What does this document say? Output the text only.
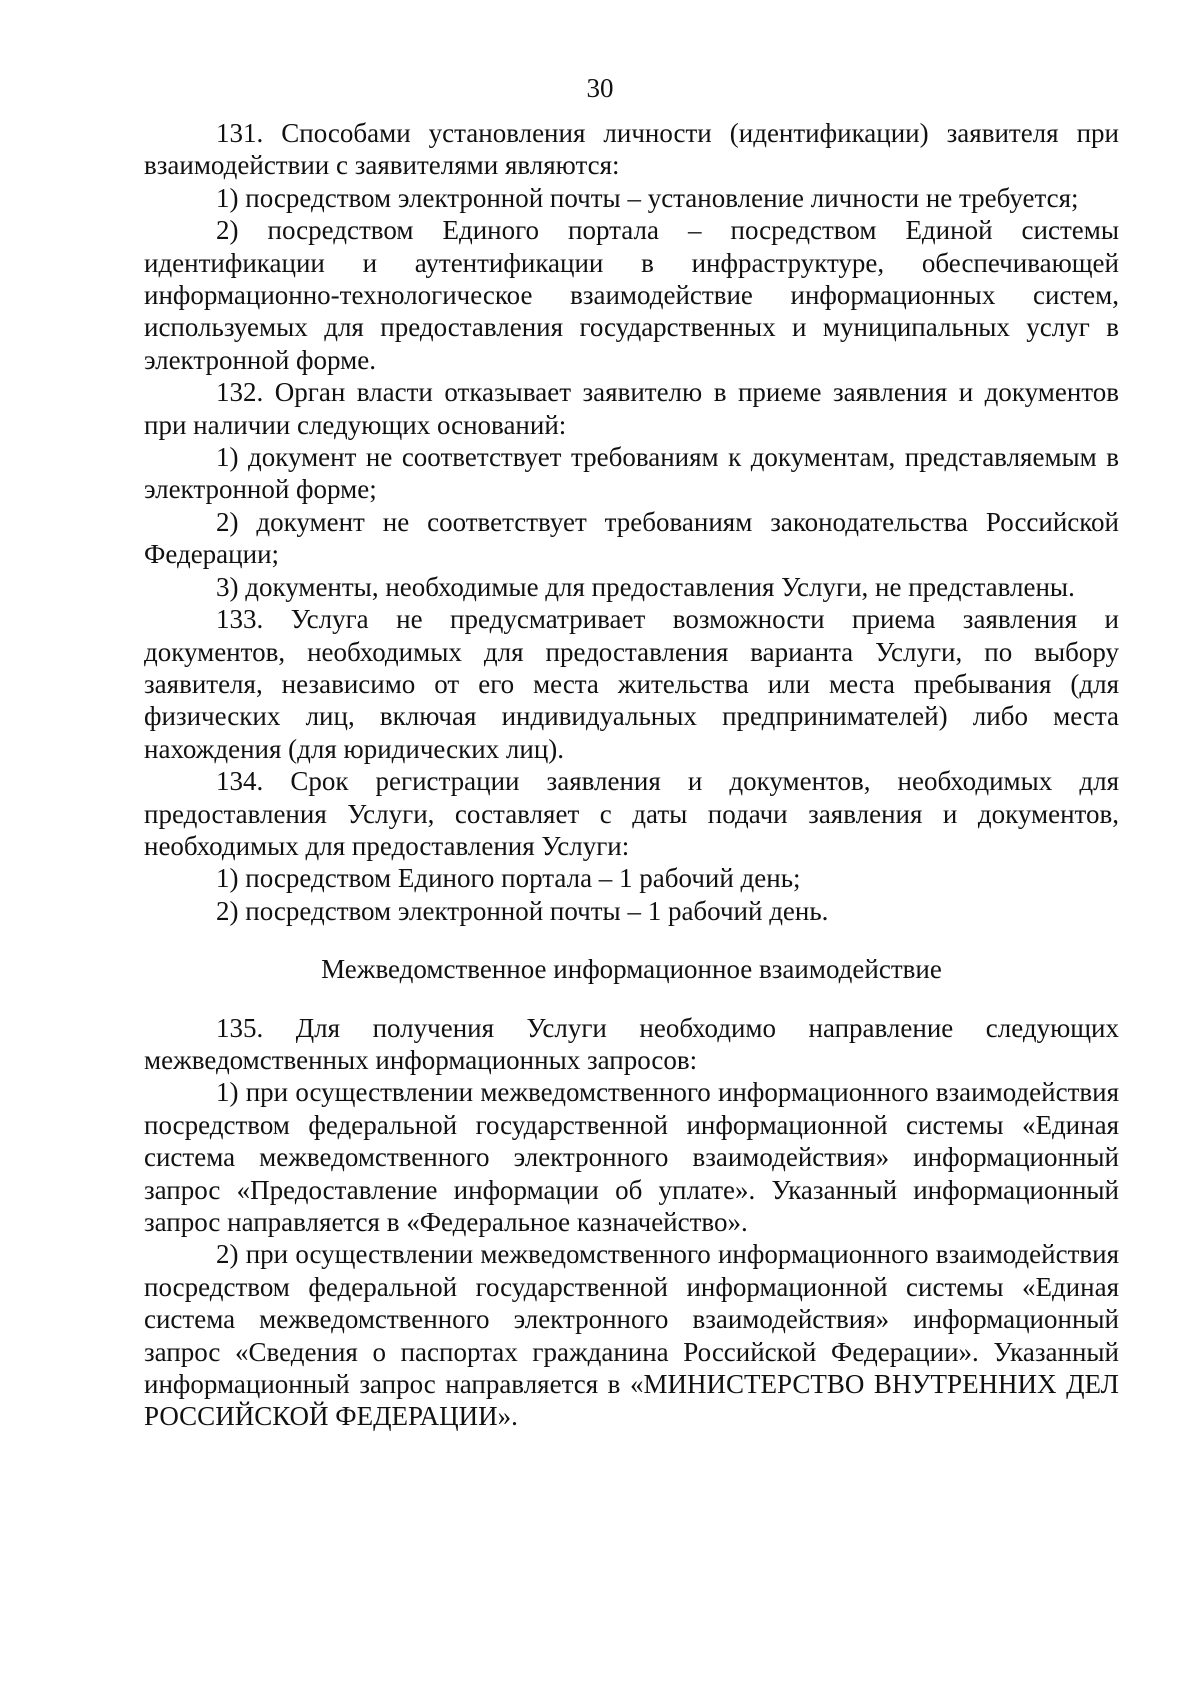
30

131. Способами установления личности (идентификации) заявителя при взаимодействии с заявителями являются:

1) посредством электронной почты – установление личности не требуется;

2) посредством Единого портала – посредством Единой системы идентификации и аутентификации в инфраструктуре, обеспечивающей информационно-технологическое взаимодействие информационных систем, используемых для предоставления государственных и муниципальных услуг в электронной форме.

132. Орган власти отказывает заявителю в приеме заявления и документов при наличии следующих оснований:

1) документ не соответствует требованиям к документам, представляемым в электронной форме;

2) документ не соответствует требованиям законодательства Российской Федерации;

3) документы, необходимые для предоставления Услуги, не представлены.

133. Услуга не предусматривает возможности приема заявления и документов, необходимых для предоставления варианта Услуги, по выбору заявителя, независимо от его места жительства или места пребывания (для физических лиц, включая индивидуальных предпринимателей) либо места нахождения (для юридических лиц).

134. Срок регистрации заявления и документов, необходимых для предоставления Услуги, составляет с даты подачи заявления и документов, необходимых для предоставления Услуги:

1) посредством Единого портала – 1 рабочий день;

2) посредством электронной почты – 1 рабочий день.

Межведомственное информационное взаимодействие

135. Для получения Услуги необходимо направление следующих межведомственных информационных запросов:

1) при осуществлении межведомственного информационного взаимодействия посредством федеральной государственной информационной системы «Единая система межведомственного электронного взаимодействия» информационный запрос «Предоставление информации об уплате». Указанный информационный запрос направляется в «Федеральное казначейство».

2) при осуществлении межведомственного информационного взаимодействия посредством федеральной государственной информационной системы «Единая система межведомственного электронного взаимодействия» информационный запрос «Сведения о паспортах гражданина Российской Федерации». Указанный информационный запрос направляется в «МИНИСТЕРСТВО ВНУТРЕННИХ ДЕЛ РОССИЙСКОЙ ФЕДЕРАЦИИ».
